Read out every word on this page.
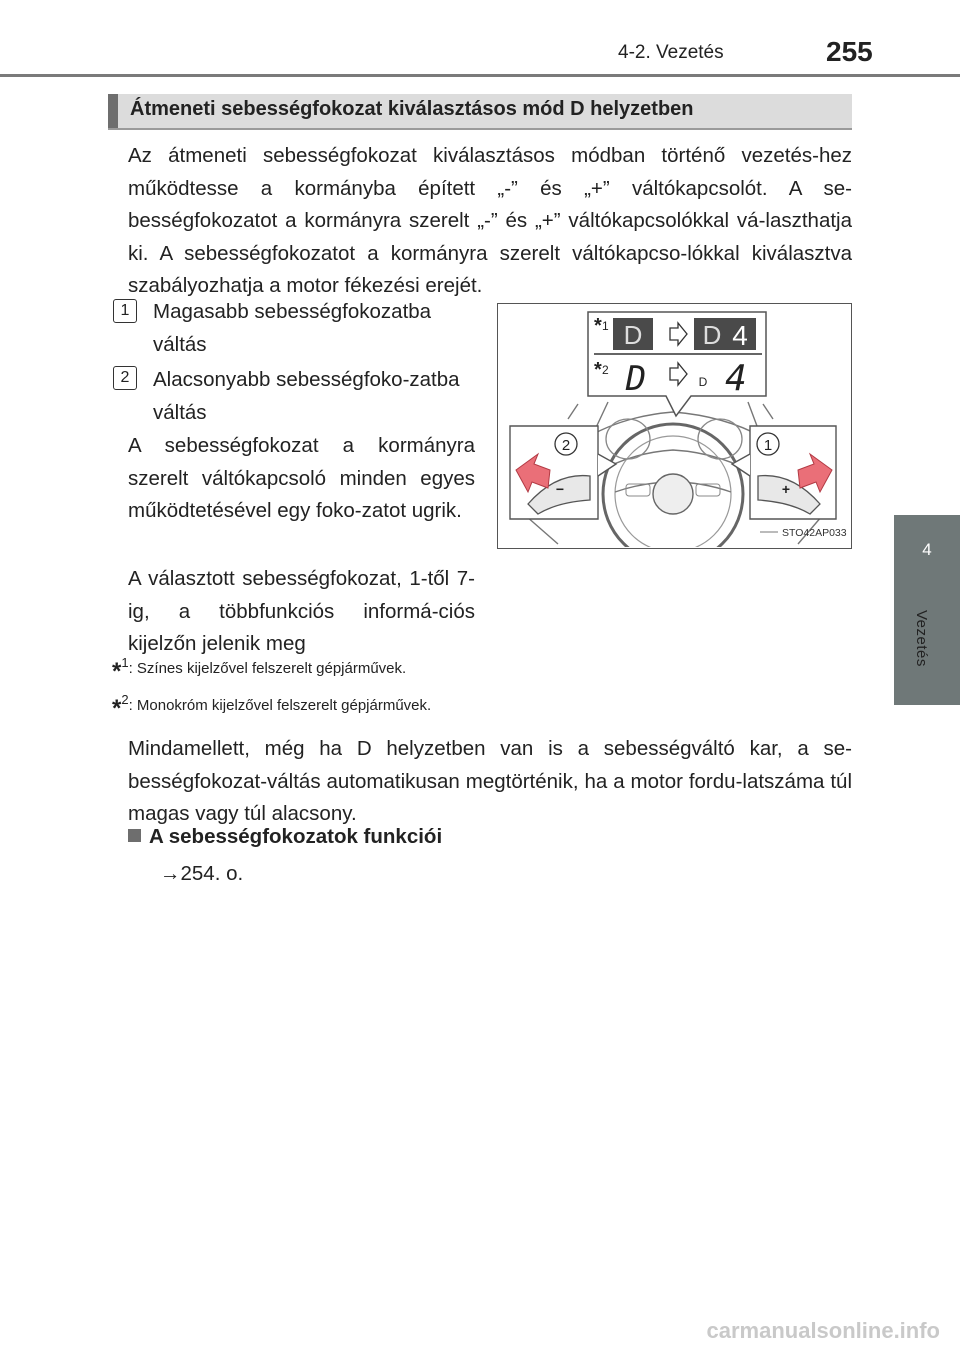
4-2. Vezetés	255
4
Vezetés
Átmeneti sebességfokozat kiválasztásos mód D helyzetben

Az átmeneti sebességfokozat kiválasztásos módban történő vezetés-hez működtesse a kormányba épített „-” és „+” váltókapcsolót. A se-bességfokozatot a kormányra szerelt „-” és „+” váltókapcsolókkal vá-laszthatja ki. A sebességfokozatot a kormányra szerelt váltókapcso-lókkal kiválasztva szabályozhatja a motor fékezési erejét.

1	Magasabb sebességfokozatba váltás
2	Alacsonyabb sebességfoko-zatba váltás
A sebességfokozat a kormányra szerelt váltókapcsoló minden egyes működtetésével egy foko-zatot ugrik.
A választott sebességfokozat, 1-től 7-ig, a többfunkciós informá-ciós kijelzőn jelenik meg
* 1 D D 4
* 2 D	D 4
2
−
1
+
STO42AP033
*$^1$: Színes kijelzővel felszerelt gépjárművek.
*$^2$: Monokróm kijelzővel felszerelt gépjárművek.

Mindamellett, még ha D helyzetben van is a sebességváltó kar, a se-bességfokozat-váltás automatikusan megtörténik, ha a motor fordu-latszáma túl magas vagy túl alacsony.

A sebességfokozatok funkciói
→254. o.
carmanualsonline.info
